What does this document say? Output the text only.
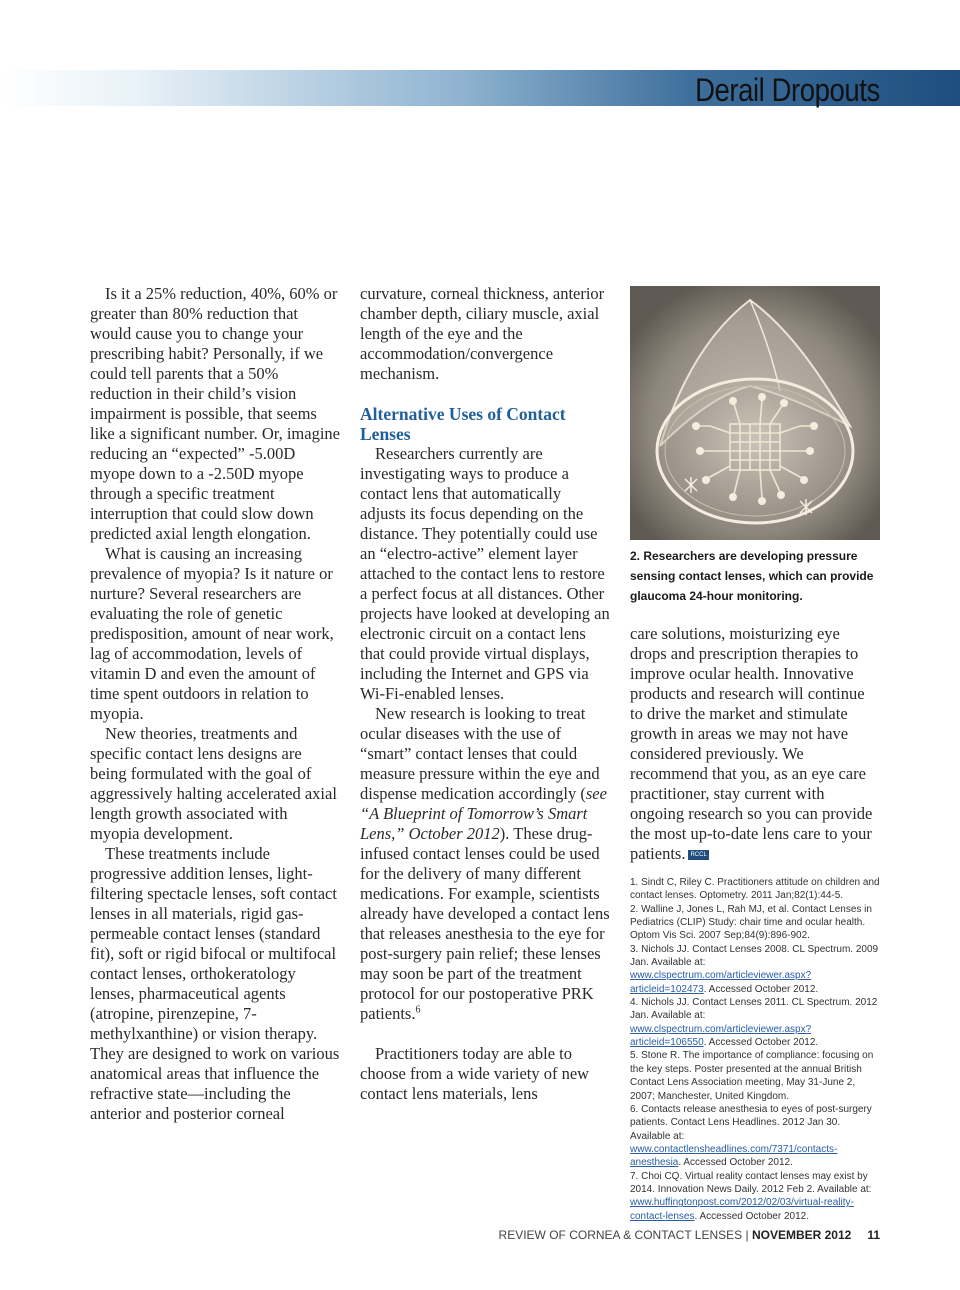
Derail Dropouts

Is it a 25% reduction, 40%, 60% or greater than 80% reduction that would cause you to change your prescribing habit? Personally, if we could tell parents that a 50% reduction in their child’s vision impairment is possible, that seems like a significant number. Or, imagine reducing an “expected” -5.00D myope down to a -2.50D myope through a specific treatment interruption that could slow down predicted axial length elongation.

What is causing an increasing prevalence of myopia? Is it nature or nurture? Several researchers are evaluating the role of genetic predisposition, amount of near work, lag of accommodation, levels of vitamin D and even the amount of time spent outdoors in relation to myopia.

New theories, treatments and specific contact lens designs are being formulated with the goal of aggressively halting accelerated axial length growth associated with myopia development.

These treatments include progressive addition lenses, light-filtering spectacle lenses, soft contact lenses in all materials, rigid gas-permeable contact lenses (standard fit), soft or rigid bifocal or multifocal contact lenses, orthokeratology lenses, pharmaceutical agents (atropine, pirenzepine, 7-methylxanthine) or vision therapy. They are designed to work on various anatomical areas that influence the refractive state—including the anterior and posterior corneal

curvature, corneal thickness, anterior chamber depth, ciliary muscle, axial length of the eye and the accommodation/convergence mechanism.

Alternative Uses of Contact Lenses

Researchers currently are investigating ways to produce a contact lens that automatically adjusts its focus depending on the distance. They potentially could use an “electro-active” element layer attached to the contact lens to restore a perfect focus at all distances. Other projects have looked at developing an electronic circuit on a contact lens that could provide virtual displays, including the Internet and GPS via Wi-Fi-enabled lenses.

New research is looking to treat ocular diseases with the use of “smart” contact lenses that could measure pressure within the eye and dispense medication accordingly (see “A Blueprint of Tomorrow’s Smart Lens,” October 2012). These drug-infused contact lenses could be used for the delivery of many different medications. For example, scientists already have developed a contact lens that releases anesthesia to the eye for post-surgery pain relief; these lenses may soon be part of the treatment protocol for our postoperative PRK patients.$^6$

Practitioners today are able to choose from a wide variety of new contact lens materials, lens

2. Researchers are developing pressure sensing contact lenses, which can provide glaucoma 24-hour monitoring.

care solutions, moisturizing eye drops and prescription therapies to improve ocular health. Innovative products and research will continue to drive the market and stimulate growth in areas we may not have considered previously. We recommend that you, as an eye care practitioner, stay current with ongoing research so you can provide the most up-to-date lens care to your patients. RCCL

1. Sindt C, Riley C. Practitioners attitude on children and contact lenses. Optometry. 2011 Jan;82(1):44-5.
2. Walline J, Jones L, Rah MJ, et al. Contact Lenses in Pediatrics (CLIP) Study: chair time and ocular health. Optom Vis Sci. 2007 Sep;84(9):896-902.
3. Nichols JJ. Contact Lenses 2008. CL Spectrum. 2009 Jan. Available at: www.clspectrum.com/articleviewer.aspx?articleid=102473. Accessed October 2012.
4. Nichols JJ. Contact Lenses 2011. CL Spectrum. 2012 Jan. Available at: www.clspectrum.com/articleviewer.aspx?articleid=106550. Accessed October 2012.
5. Stone R. The importance of compliance: focusing on the key steps. Poster presented at the annual British Contact Lens Association meeting, May 31-June 2, 2007; Manchester, United Kingdom.
6. Contacts release anesthesia to eyes of post-surgery patients. Contact Lens Headlines. 2012 Jan 30. Available at: www.contactlensheadlines.com/7371/contacts-anesthesia. Accessed October 2012.
7. Choi CQ. Virtual reality contact lenses may exist by 2014. Innovation News Daily. 2012 Feb 2. Available at: www.huffingtonpost.com/2012/02/03/virtual-reality-contact-lenses. Accessed October 2012.
REVIEW OF CORNEA & CONTACT LENSES | NOVEMBER 2012 11
